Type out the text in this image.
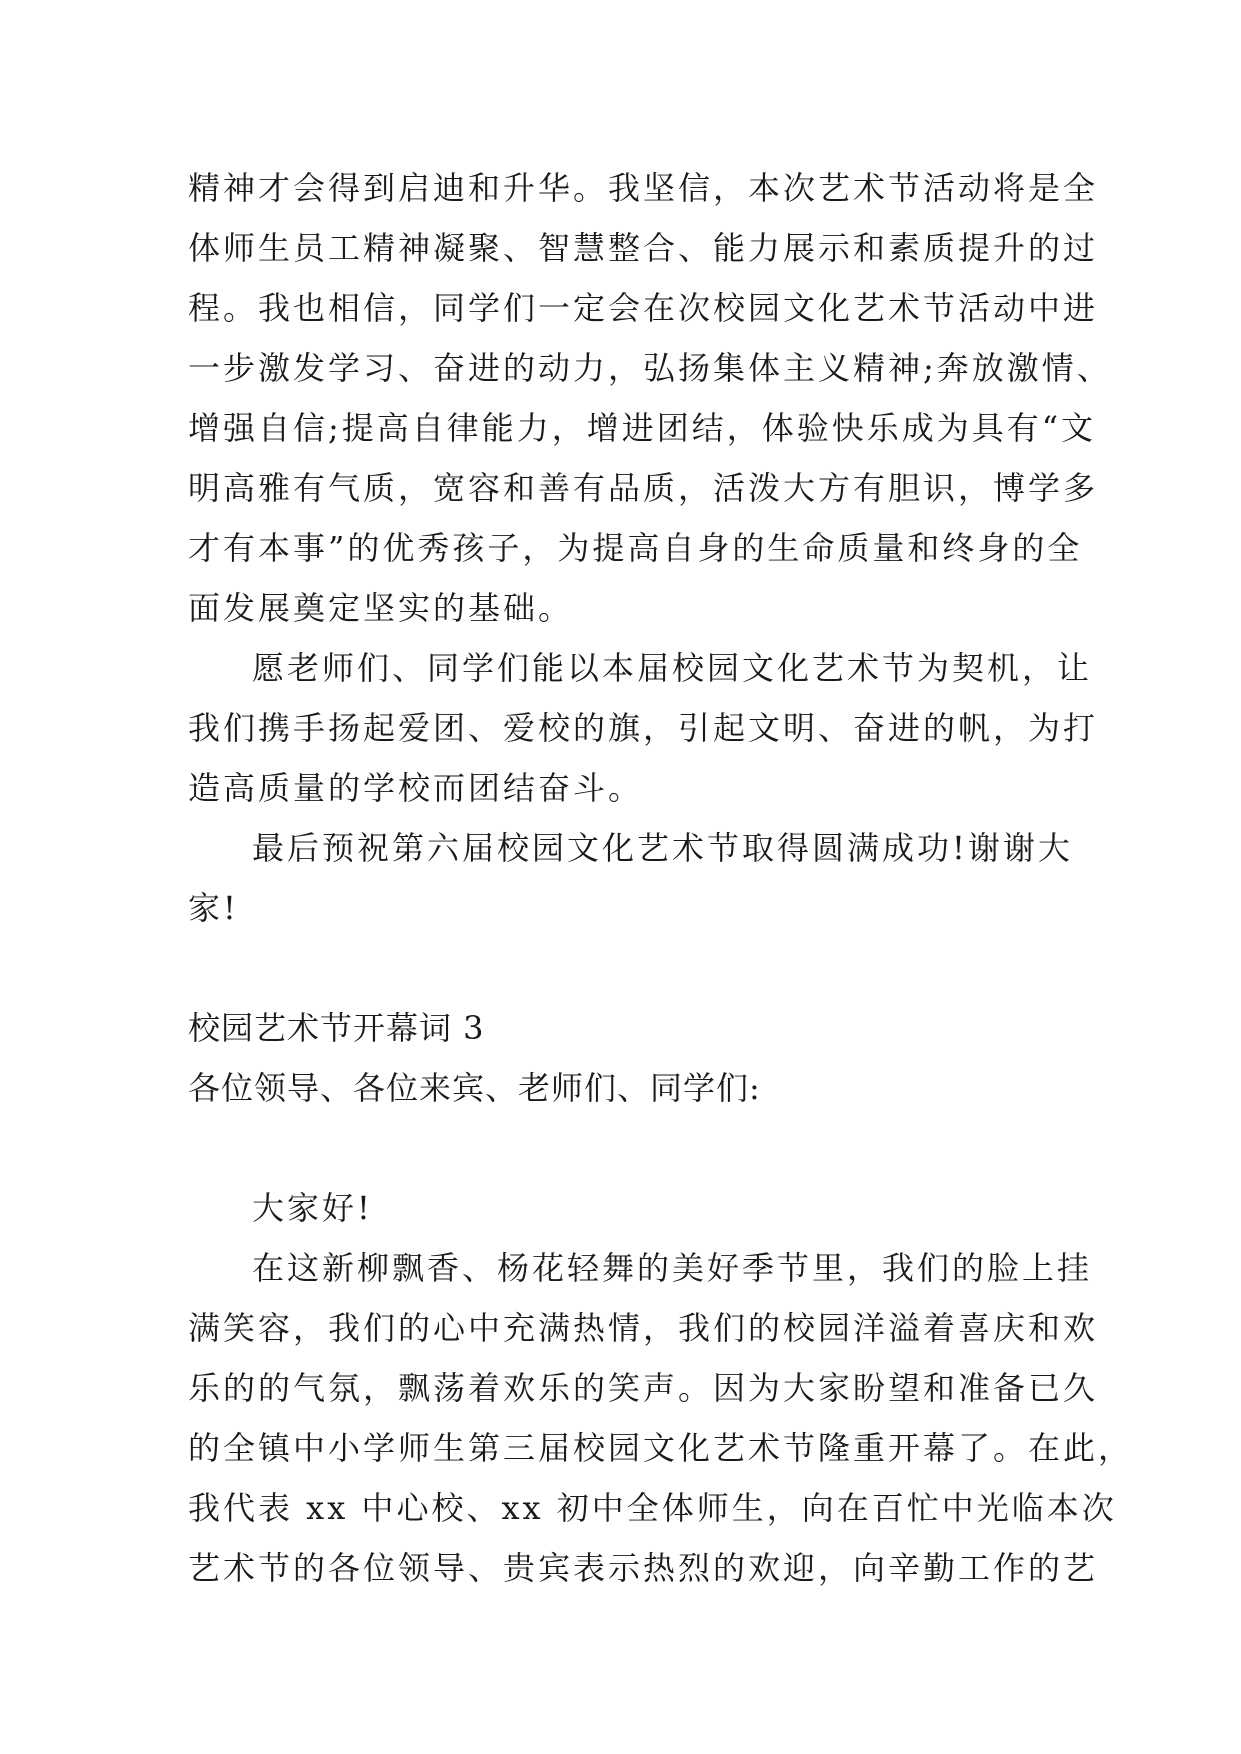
精神才会得到启迪和升华。我坚信，本次艺术节活动将是全
体师生员工精神凝聚、智慧整合、能力展示和素质提升的过
程。我也相信，同学们一定会在次校园文化艺术节活动中进
一步激发学习、奋进的动力，弘扬集体主义精神;奔放激情、
增强自信;提高自律能力，增进团结，体验快乐成为具有“文
明高雅有气质，宽容和善有品质，活泼大方有胆识，博学多
才有本事”的优秀孩子，为提高自身的生命质量和终身的全
面发展奠定坚实的基础。
愿老师们、同学们能以本届校园文化艺术节为契机，让
我们携手扬起爱团、爱校的旗，引起文明、奋进的帆，为打
造高质量的学校而团结奋斗。
最后预祝第六届校园文化艺术节取得圆满成功!谢谢大
家!
校园艺术节开幕词 3
各位领导、各位来宾、老师们、同学们:
大家好!
在这新柳飘香、杨花轻舞的美好季节里，我们的脸上挂
满笑容，我们的心中充满热情，我们的校园洋溢着喜庆和欢
乐的的气氛，飘荡着欢乐的笑声。因为大家盼望和准备已久
的全镇中小学师生第三届校园文化艺术节隆重开幕了。在此，
我代表 xx 中心校、xx 初中全体师生，向在百忙中光临本次
艺术节的各位领导、贵宾表示热烈的欢迎，向辛勤工作的艺
